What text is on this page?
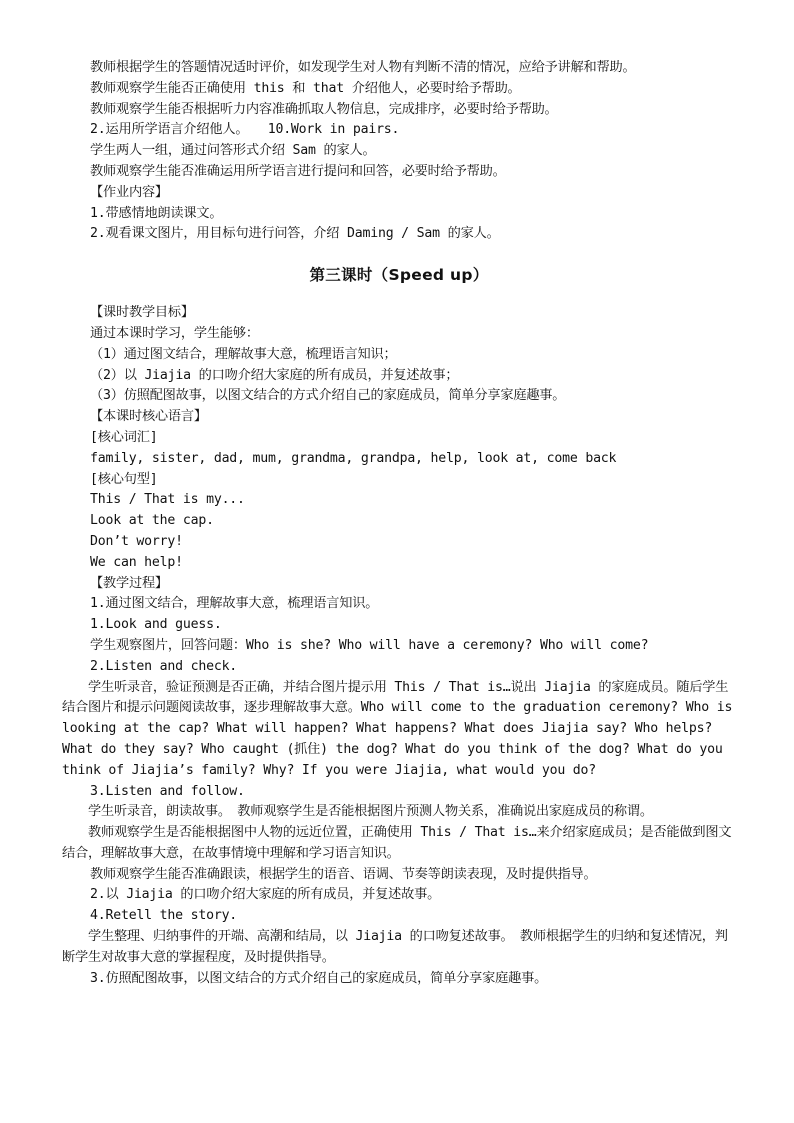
教师根据学生的答题情况适时评价，如发现学生对人物有判断不清的情况，应给予讲解和帮助。
教师观察学生能否正确使用 this 和 that 介绍他人，必要时给予帮助。
教师观察学生能否根据听力内容准确抓取人物信息，完成排序，必要时给予帮助。
2.运用所学语言介绍他人。　　10.Work in pairs.
学生两人一组，通过问答形式介绍 Sam 的家人。
教师观察学生能否准确运用所学语言进行提问和回答，必要时给予帮助。
【作业内容】
1.带感情地朗读课文。
2.观看课文图片，用目标句进行问答，介绍 Daming / Sam 的家人。
第三课时（Speed up）
【课时教学目标】
通过本课时学习，学生能够：
（1）通过图文结合，理解故事大意，梳理语言知识；
（2）以 Jiajia 的口吻介绍大家庭的所有成员，并复述故事；
（3）仿照配图故事，以图文结合的方式介绍自己的家庭成员，简单分享家庭趣事。
【本课时核心语言】
[核心词汇]
family, sister, dad, mum, grandma, grandpa, help, look at, come back
[核心句型]
This / That is my...
Look at the cap.
Don’t worry!
We can help!
【教学过程】
1.通过图文结合，理解故事大意，梳理语言知识。
1.Look and guess.
学生观察图片，回答问题：Who is she? Who will have a ceremony? Who will come?
2.Listen and check.
　　学生听录音，验证预测是否正确，并结合图片提示用 This / That is…说出 Jiajia 的家庭成员。随后学生结合图片和提示问题阅读故事，逐步理解故事大意。Who will come to the graduation ceremony? Who is looking at the cap? What will happen? What happens? What does Jiajia say? Who helps? What do they say? Who caught (抓住) the dog? What do you think of the dog? What do you think of Jiajia’s family? Why? If you were Jiajia, what would you do?
3.Listen and follow.
　　学生听录音，朗读故事。　教师观察学生是否能根据图片预测人物关系，准确说出家庭成员的称谓。
　　教师观察学生是否能根据图中人物的远近位置，正确使用 This / That is…来介绍家庭成员；是否能做到图文结合，理解故事大意，在故事情境中理解和学习语言知识。
教师观察学生能否准确跟读，根据学生的语音、语调、节奏等朗读表现，及时提供指导。
2.以 Jiajia 的口吻介绍大家庭的所有成员，并复述故事。
4.Retell the story.
　　学生整理、归纳事件的开端、高潮和结局，以 Jiajia 的口吻复述故事。　教师根据学生的归纳和复述情况，判断学生对故事大意的掌握程度，及时提供指导。
3.仿照配图故事，以图文结合的方式介绍自己的家庭成员，简单分享家庭趣事。
